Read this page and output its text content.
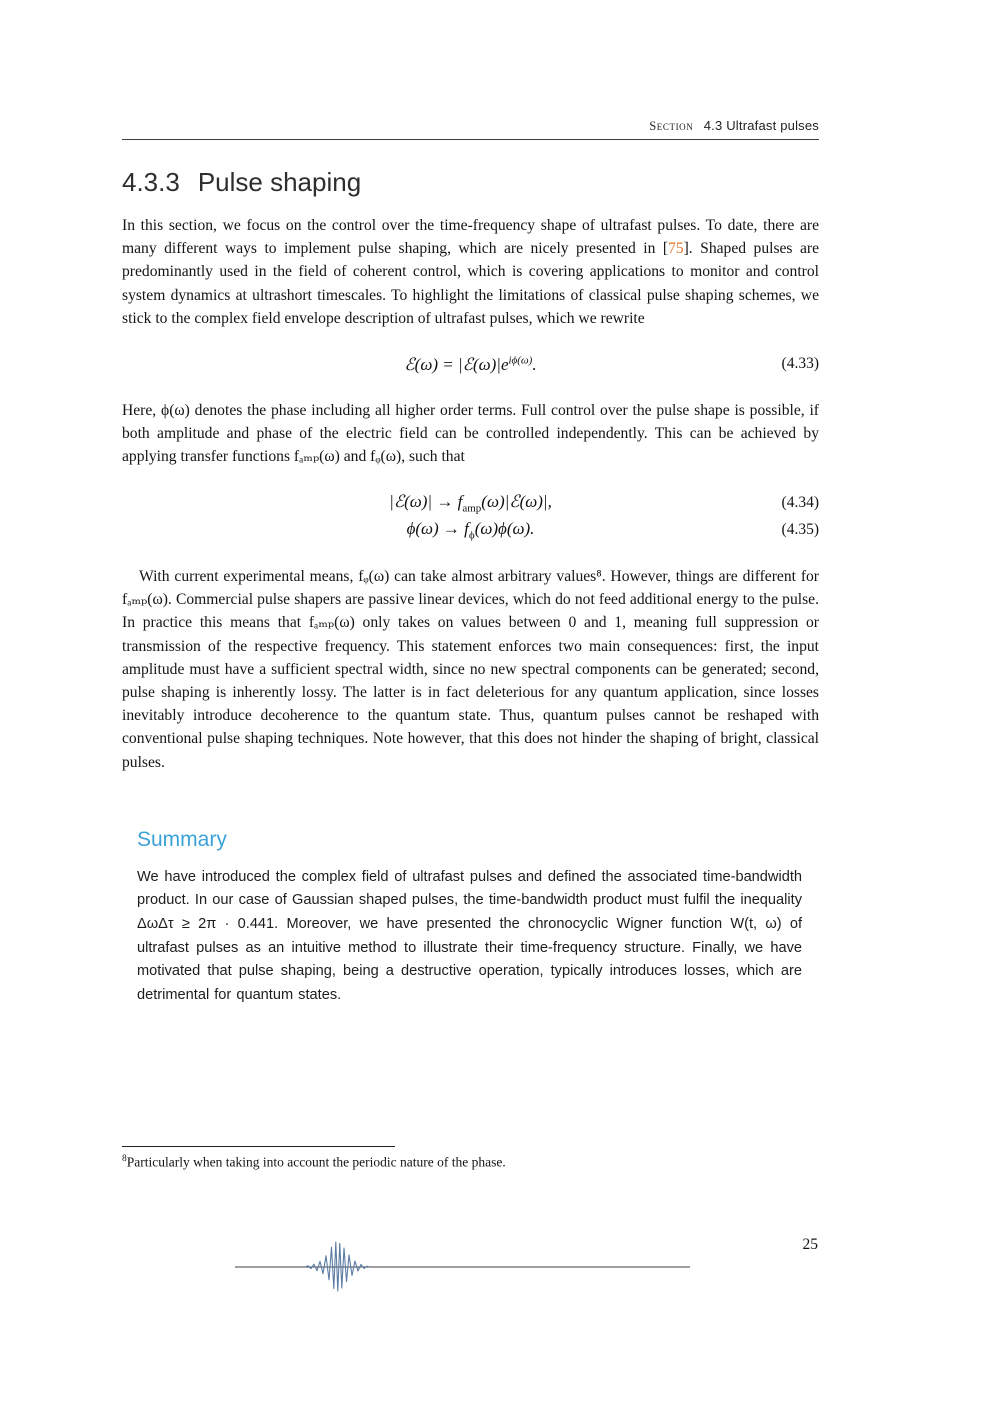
Section 4.3 Ultrafast pulses
4.3.3 Pulse shaping

In this section, we focus on the control over the time-frequency shape of ultrafast pulses. To date, there are many different ways to implement pulse shaping, which are nicely presented in [75]. Shaped pulses are predominantly used in the field of coherent control, which is covering applications to monitor and control system dynamics at ultrashort timescales. To highlight the limitations of classical pulse shaping schemes, we stick to the complex field envelope description of ultrafast pulses, which we rewrite

ℰ(ω) = $|ℰ(\omega)|e^{i\phi(\omega)}$.	(4.33)

Here, ϕ(ω) denotes the phase including all higher order terms. Full control over the pulse shape is possible, if both amplitude and phase of the electric field can be controlled independently. This can be achieved by applying transfer functions fₐₘₚ(ω) and fᵩ(ω), such that

|ℰ(ω)| → $f_{amp}(\omega)|ℰ(\omega)|$,	(4.34)
$\phi(\omega) \to f_\phi(\omega)\phi(\omega)$.	(4.35)

With current experimental means, fᵩ(ω) can take almost arbitrary values⁸. However, things are different for fₐₘₚ(ω). Commercial pulse shapers are passive linear devices, which do not feed additional energy to the pulse. In practice this means that fₐₘₚ(ω) only takes on values between 0 and 1, meaning full suppression or transmission of the respective frequency. This statement enforces two main consequences: first, the input amplitude must have a sufficient spectral width, since no new spectral components can be generated; second, pulse shaping is inherently lossy. The latter is in fact deleterious for any quantum application, since losses inevitably introduce decoherence to the quantum state. Thus, quantum pulses cannot be reshaped with conventional pulse shaping techniques. Note however, that this does not hinder the shaping of bright, classical pulses.

Summary

We have introduced the complex field of ultrafast pulses and defined the associated time-bandwidth product. In our case of Gaussian shaped pulses, the time-bandwidth product must fulfil the inequality ΔωΔτ ≥ 2π · 0.441. Moreover, we have presented the chronocyclic Wigner function W(t, ω) of ultrafast pulses as an intuitive method to illustrate their time-frequency structure. Finally, we have motivated that pulse shaping, being a destructive operation, typically introduces losses, which are detrimental for quantum states.

$^8$Particularly when taking into account the periodic nature of the phase.

25
